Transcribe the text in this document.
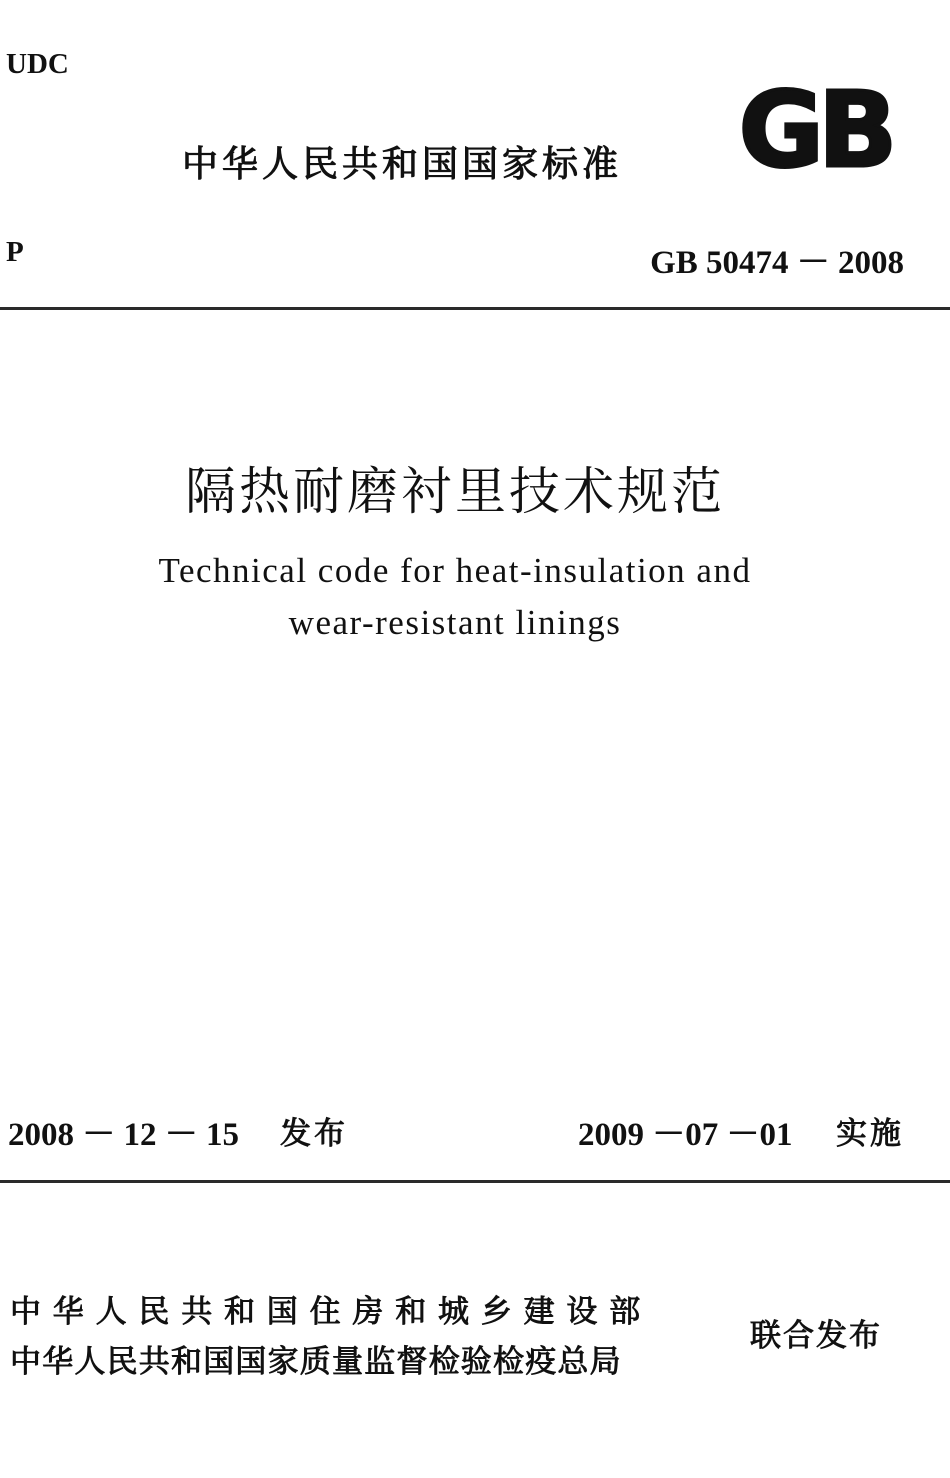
UDC
中华人民共和国国家标准 GB
P	GB 50474 － 2008
隔热耐磨衬里技术规范
Technical code for heat-insulation and
wear-resistant linings
2008 － 12 － 15 发布	2009 －07 －01 实施
中华人民共和国住房和城乡建设部
中华人民共和国国家质量监督检验检疫总局
联合发布
